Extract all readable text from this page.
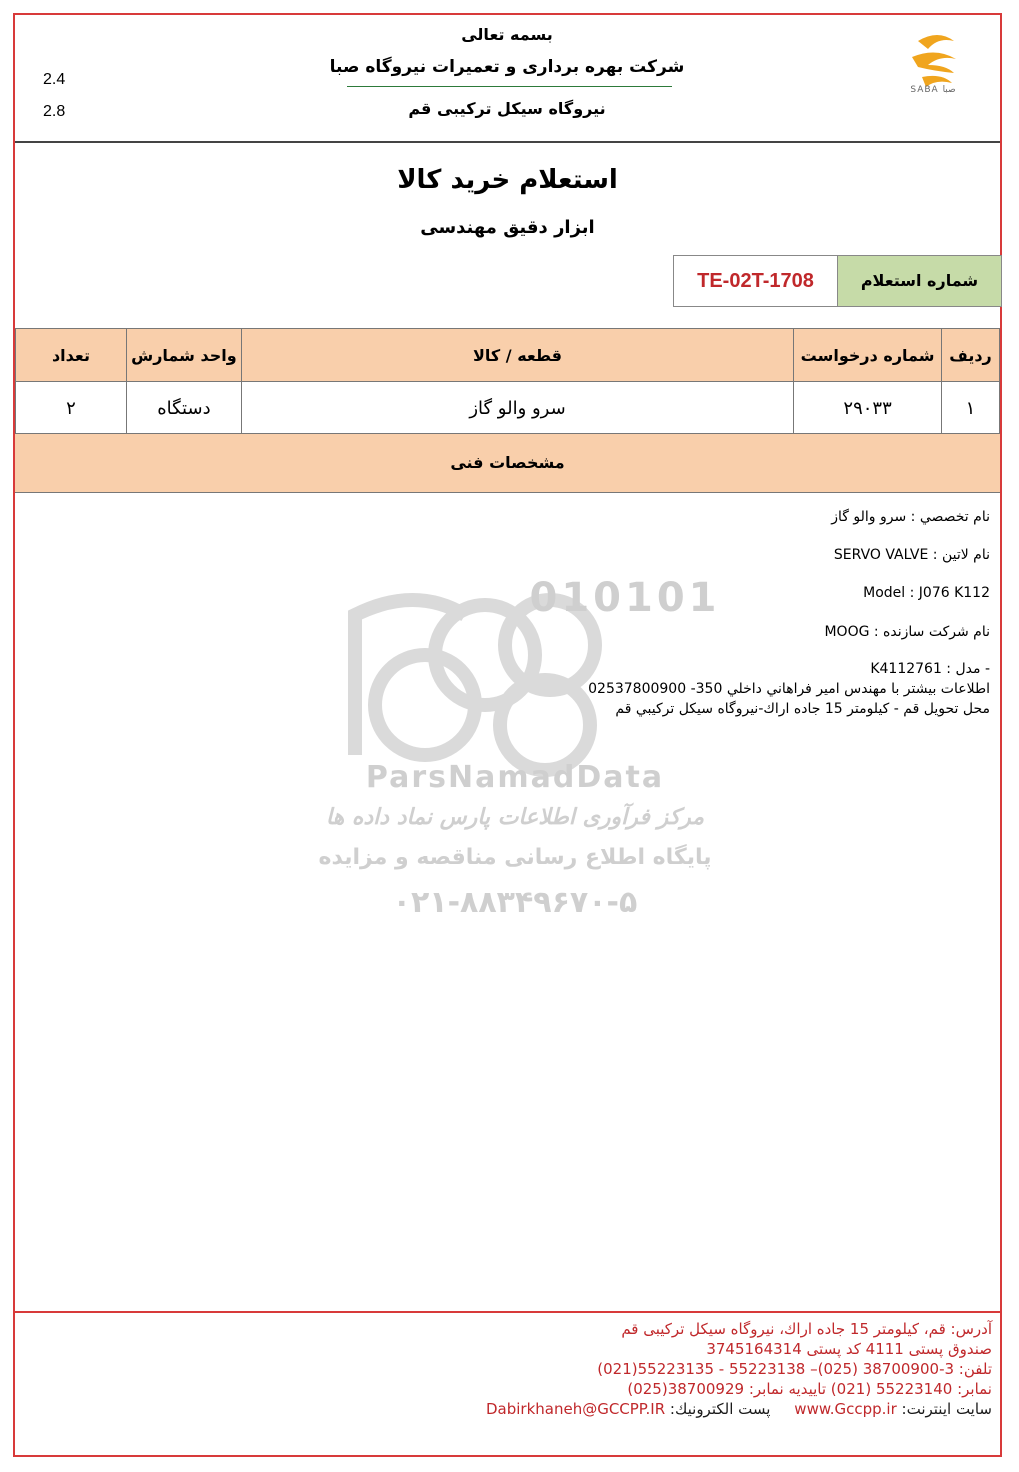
SABA صبا
بسمه تعالی
شرکت بهره برداری و تعمیرات نیروگاه صبا
نیروگاه سیکل ترکیبی قم
2.4
2.8
استعلام خرید کالا
ابزار دقیق مهندسی
شماره استعلام
TE-02T-1708
ردیف	شماره درخواست	قطعه / کالا	واحد شمارش	تعداد
۱	۲۹۰۳۳	سرو والو گاز	دستگاه	۲
مشخصات فنی
010101
ParsNamadData
مرکز فرآوری اطلاعات پارس نماد داده ها
پایگاه اطلاع رسانی مناقصه و مزایده
۰۲۱-۸۸۳۴۹۶۷۰-۵
نام تخصصي : سرو والو گاز
نام لاتين : SERVO VALVE
Model : J076 K112
نام شركت سازنده : MOOG
- مدل : K4112761
اطلاعات بيشتر با مهندس امير فراهاني داخلي 350- 02537800900
محل تحويل قم - كيلومتر 15 جاده اراك-نيروگاه سيكل تركيبي قم
آدرس: قم، کیلومتر 15 جاده اراك، نیروگاه سیکل ترکیبی قم
صندوق پستی 4111 کد پستی 3745164314
تلفن: 3-38700900 (025)– 55223138 - 55223135(021)
نمابر: 55223140 (021) تاییدیه نمابر: 38700929(025)
سایت اینترنت: www.Gccpp.ir     پست الکترونیك: Dabirkhaneh@GCCPP.IR
